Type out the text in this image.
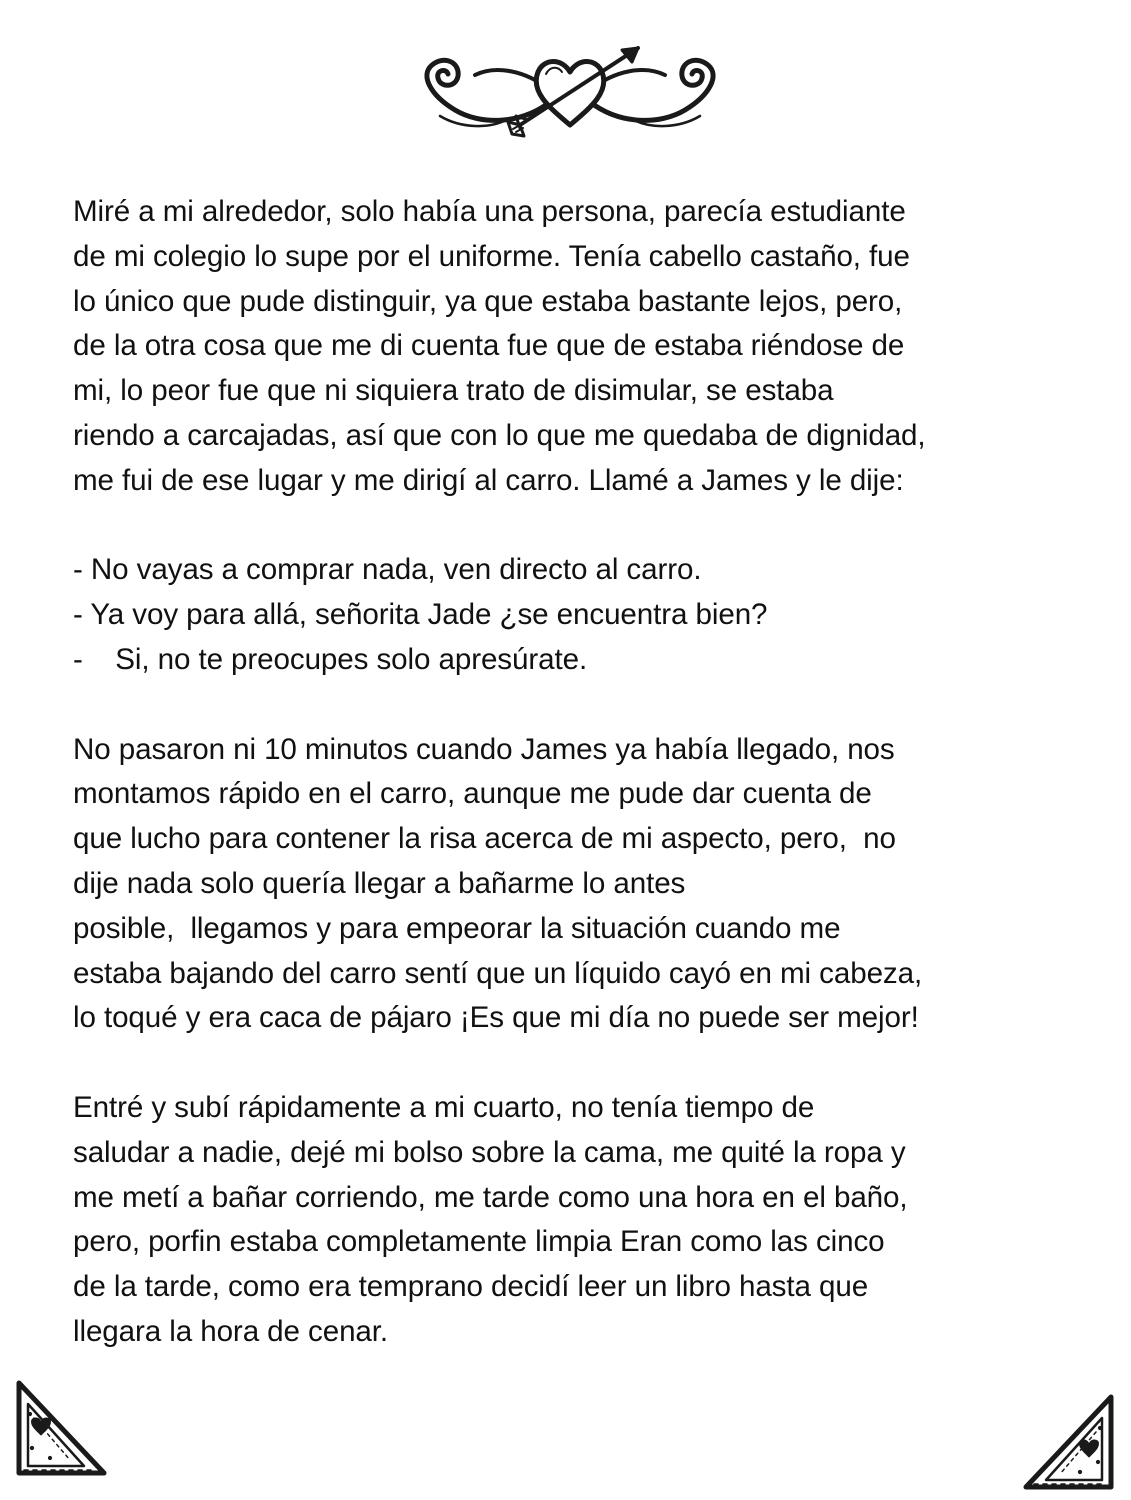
Miré a mi alrededor, solo había una persona, parecía estudiante
de mi colegio lo supe por el uniforme. Tenía cabello castaño, fue
lo único que pude distinguir, ya que estaba bastante lejos, pero,
de la otra cosa que me di cuenta fue que de estaba riéndose de
mi, lo peor fue que ni siquiera trato de disimular, se estaba
riendo a carcajadas, así que con lo que me quedaba de dignidad,
me fui de ese lugar y me dirigí al carro. Llamé a James y le dije:
- No vayas a comprar nada, ven directo al carro.
- Ya voy para allá, señorita Jade ¿se encuentra bien?
-    Si, no te preocupes solo apresúrate.
No pasaron ni 10 minutos cuando James ya había llegado, nos
montamos rápido en el carro, aunque me pude dar cuenta de
que lucho para contener la risa acerca de mi aspecto, pero,  no
dije nada solo quería llegar a bañarme lo antes
posible,  llegamos y para empeorar la situación cuando me
estaba bajando del carro sentí que un líquido cayó en mi cabeza,
lo toqué y era caca de pájaro ¡Es que mi día no puede ser mejor!
Entré y subí rápidamente a mi cuarto, no tenía tiempo de
saludar a nadie, dejé mi bolso sobre la cama, me quité la ropa y
me metí a bañar corriendo, me tarde como una hora en el baño,
pero, porfin estaba completamente limpia Eran como las cinco
de la tarde, como era temprano decidí leer un libro hasta que
llegara la hora de cenar.
